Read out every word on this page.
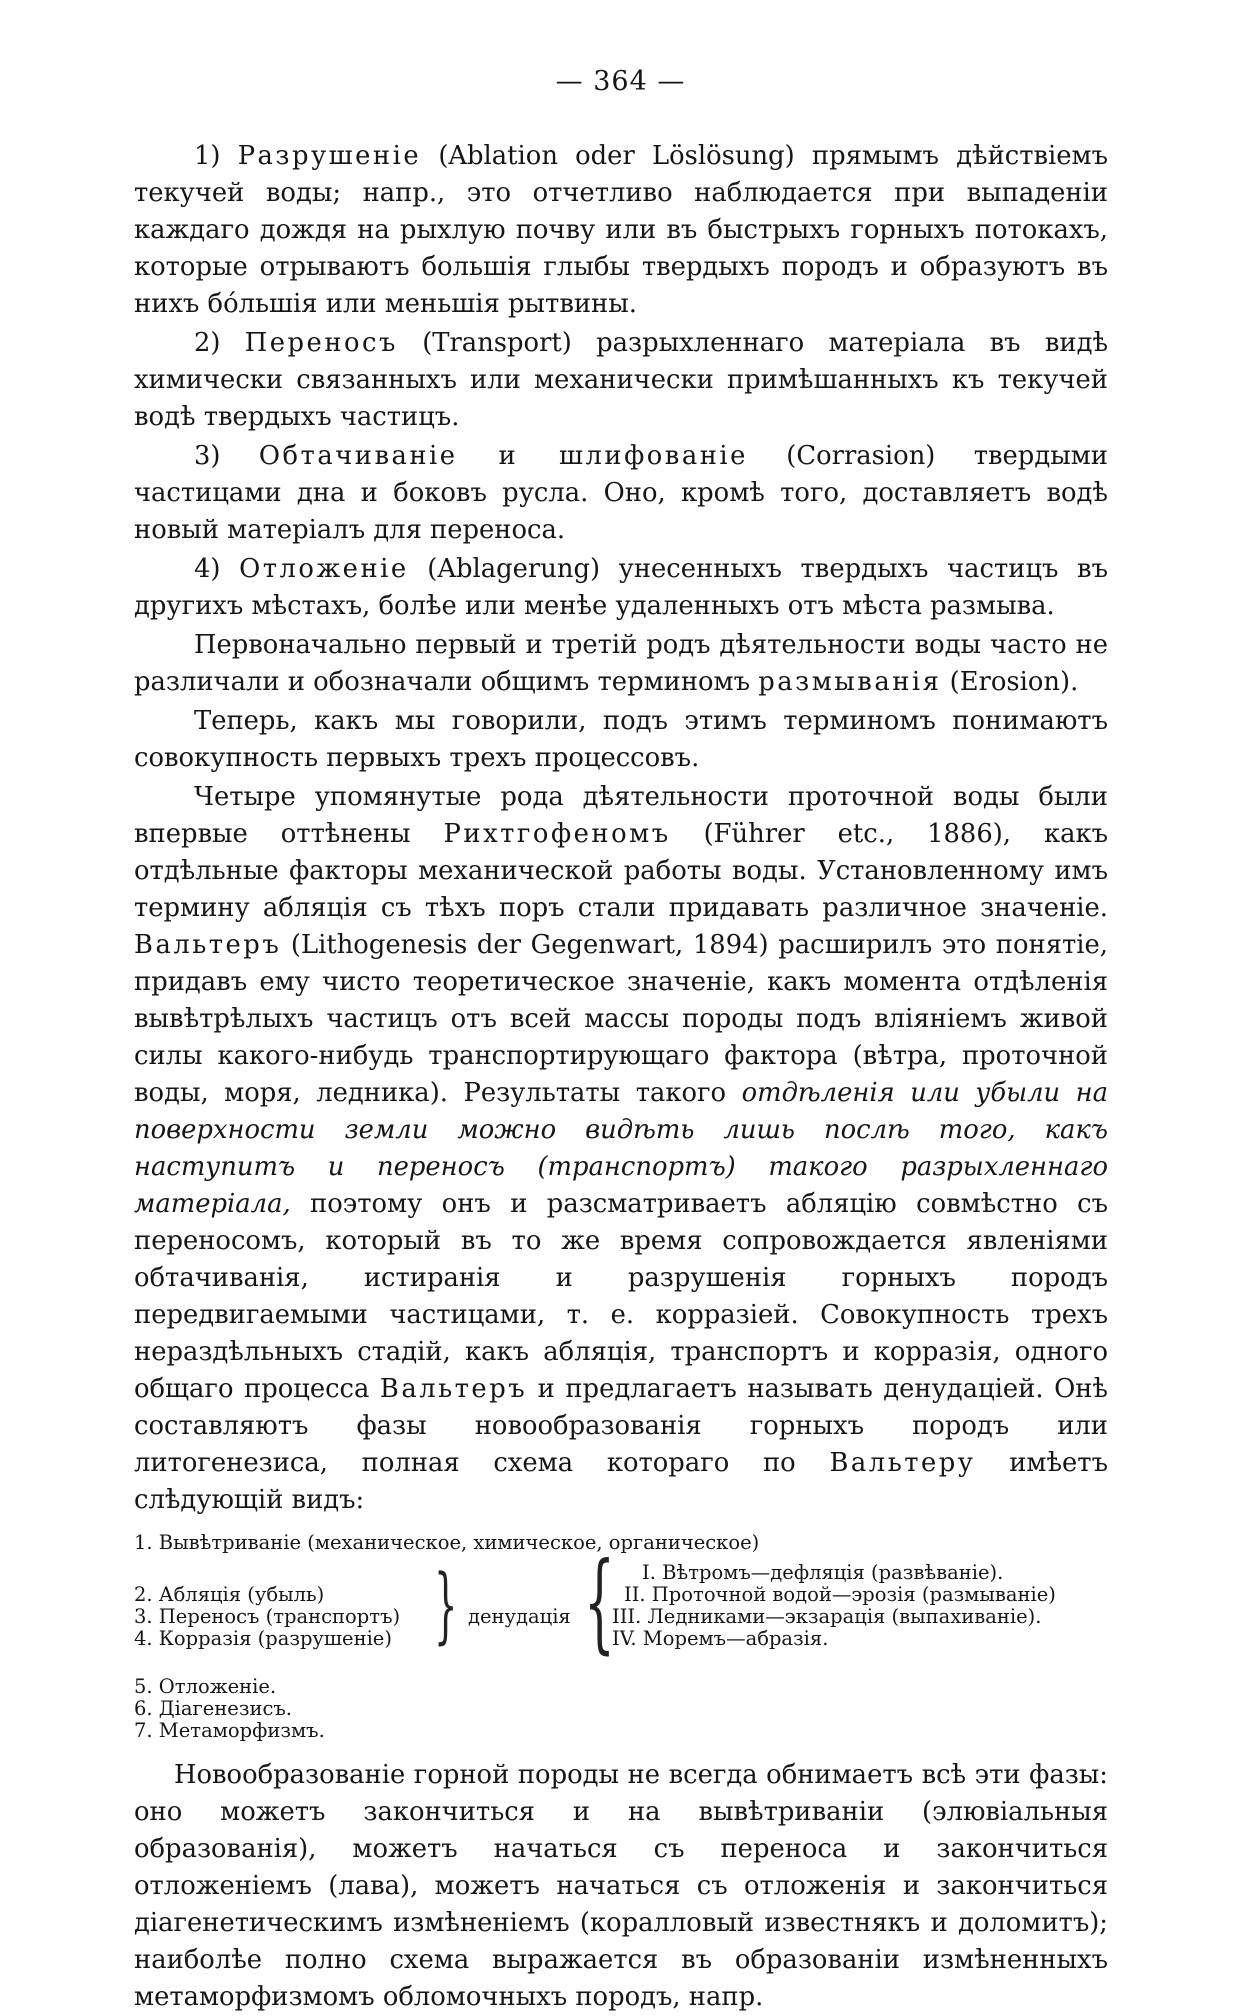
— 364 —

1) Разрушеніе (Ablation oder Löslösung) прямымъ дѣйствіемъ текучей воды; напр., это отчетливо наблюдается при выпаденіи каждаго дождя на рыхлую почву или въ быстрыхъ горныхъ потокахъ, которые отрываютъ большія глыбы твердыхъ породъ и образуютъ въ нихъ бóльшія или меньшія рытвины.

2) Переносъ (Transport) разрыхленнаго матеріала въ видѣ химически связанныхъ или механически примѣшанныхъ къ текучей водѣ твердыхъ частицъ.

3) Обтачиваніе и шлифованіе (Corrasion) твердыми частицами дна и боковъ русла. Оно, кромѣ того, доставляетъ водѣ новый матеріалъ для переноса.

4) Отложеніе (Ablagerung) унесенныхъ твердыхъ частицъ въ другихъ мѣстахъ, болѣе или менѣе удаленныхъ отъ мѣста размыва.

Первоначально первый и третій родъ дѣятельности воды часто не различали и обозначали общимъ терминомъ размыванія (Erosion).

Теперь, какъ мы говорили, подъ этимъ терминомъ понимаютъ совокупность первыхъ трехъ процессовъ.

Четыре упомянутые рода дѣятельности проточной воды были впервые оттѣнены Рихтгофеномъ (Führer etc., 1886), какъ отдѣльные факторы механической работы воды. Установленному имъ термину абляція съ тѣхъ поръ стали придавать различное значеніе. Вальтеръ (Lithogenesis der Gegenwart, 1894) расширилъ это понятіе, придавъ ему чисто теоретическое значеніе, какъ момента отдѣленія вывѣтрѣлыхъ частицъ отъ всей массы породы подъ вліяніемъ живой силы какого-нибудь транспортирующаго фактора (вѣтра, проточной воды, моря, ледника). Результаты такого отдѣленія или убыли на поверхности земли можно видѣть лишь послѣ того, какъ наступитъ и переносъ (транспортъ) такого разрыхленнаго матеріала, поэтому онъ и разсматриваетъ абляцію совмѣстно съ переносомъ, который въ то же время сопровождается явленіями обтачиванія, истиранія и разрушенія горныхъ породъ передвигаемыми частицами, т. е. корразіей. Совокупность трехъ нераздѣльныхъ стадій, какъ абляція, транспортъ и корразія, одного общаго процесса Вальтеръ и предлагаетъ называть денудаціей. Онѣ составляютъ фазы новообразованія горныхъ породъ или литогенезиса, полная схема котораго по Вальтеру имѣетъ слѣдующій видъ:

1. Вывѣтриваніе (механическое, химическое, органическое)
2. Абляція (убыль)
3. Переносъ (транспортъ)
4. Корразія (разрушеніе) } денудація { I. Вѣтромъ—дефляція (развѣваніе).
II. Проточной водой—эрозія (размываніе)
III. Ледниками—экзарація (выпахиваніе).
IV. Моремъ—абразія.
5. Отложеніе.
6. Діагенезисъ.
7. Метаморфизмъ.

Новообразованіе горной породы не всегда обнимаетъ всѣ эти фазы: оно можетъ закончиться и на вывѣтриваніи (элювіальныя образованія), можетъ начаться съ переноса и закончиться отложеніемъ (лава), можетъ начаться съ отложенія и закончиться діагенетическимъ измѣненіемъ (коралловый известнякъ и доломитъ); наиболѣе полно схема выражается въ образованіи измѣненныхъ метаморфизмомъ обломочныхъ породъ, напр.
